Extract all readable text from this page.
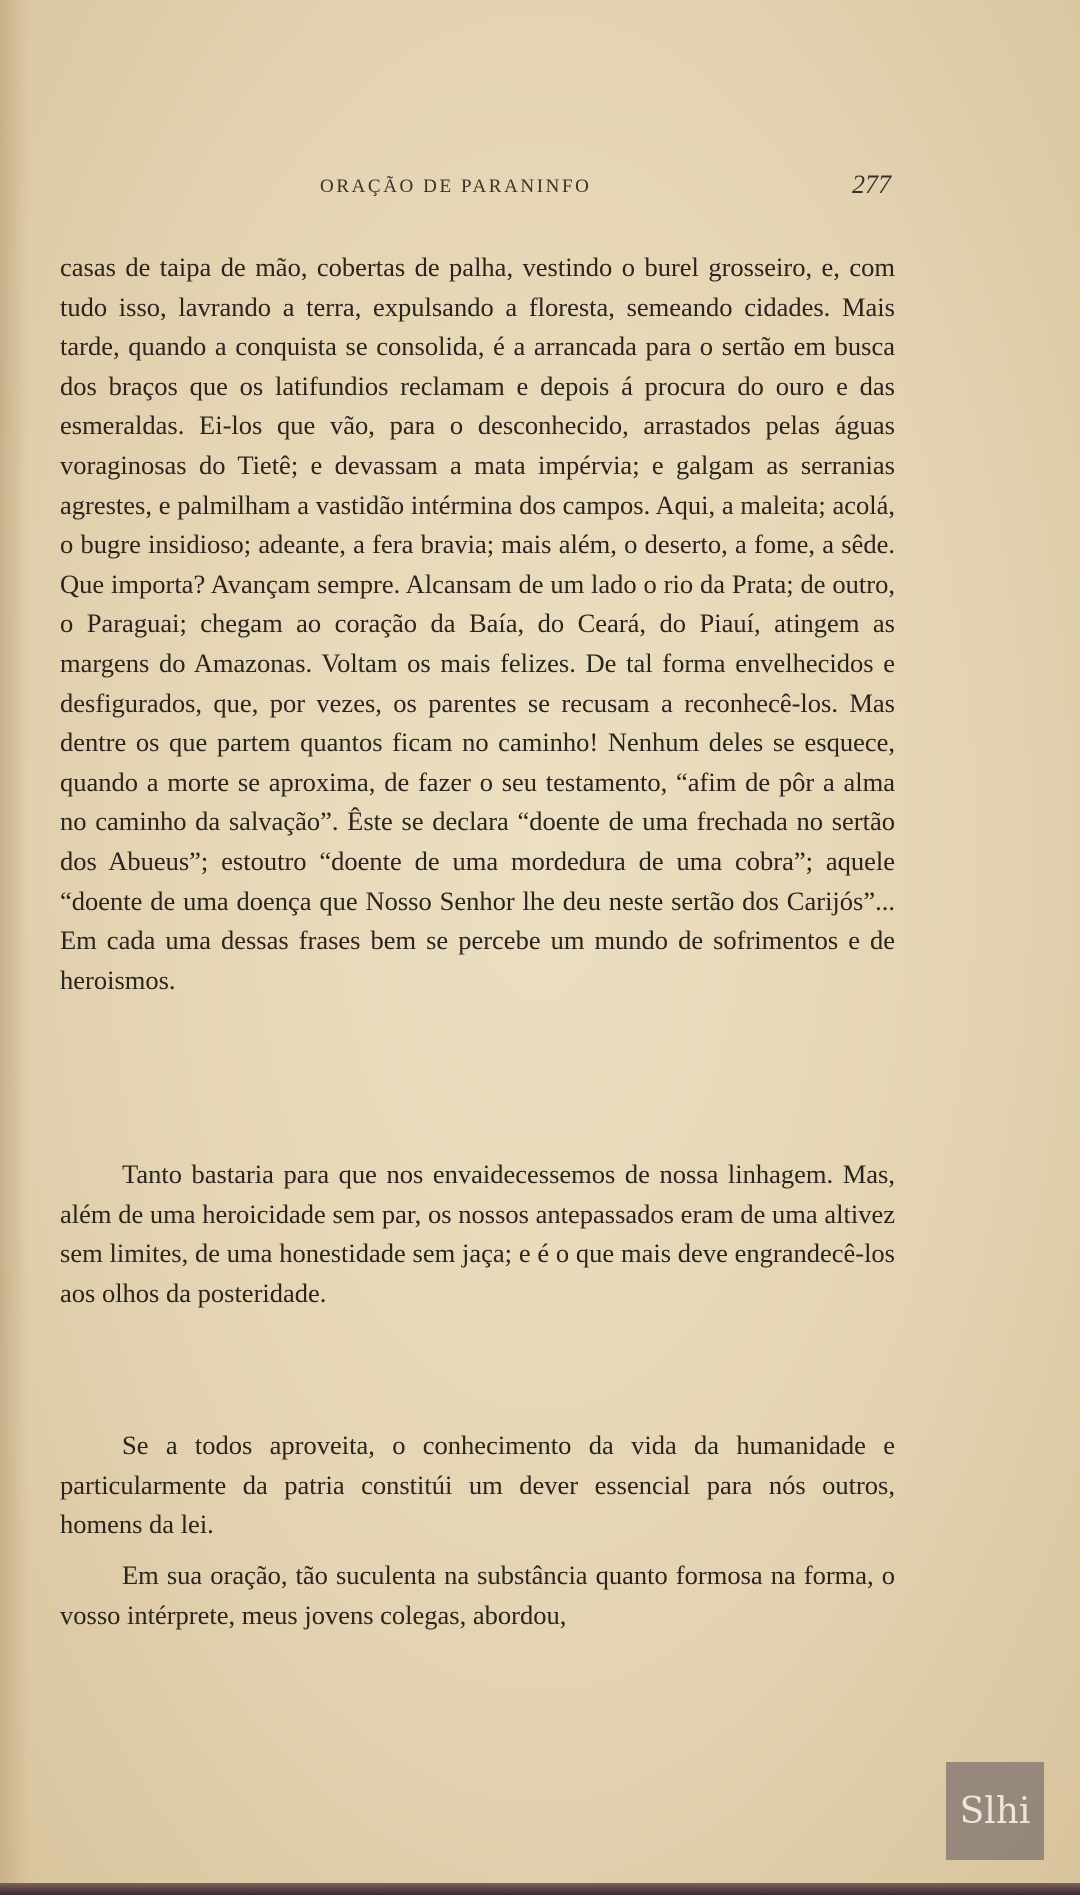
ORAÇÃO DE PARANINFO	277

casas de taipa de mão, cobertas de palha, vestindo o burel grosseiro, e, com tudo isso, lavrando a terra, expulsando a floresta, semeando cidades. Mais tarde, quando a conquista se consolida, é a arrancada para o sertão em busca dos braços que os latifundios reclamam e depois á procura do ouro e das esmeraldas. Ei-los que vão, para o desconhecido, arrastados pelas águas voraginosas do Tietê; e devassam a mata impérvia; e galgam as serranias agrestes, e palmilham a vastidão intérmina dos campos. Aqui, a maleita; acolá, o bugre insidioso; adeante, a fera bravia; mais além, o deserto, a fome, a sêde. Que importa? Avançam sempre. Alcansam de um lado o rio da Prata; de outro, o Paraguai; chegam ao coração da Baía, do Ceará, do Piauí, atingem as margens do Amazonas. Voltam os mais felizes. De tal forma envelhecidos e desfigurados, que, por vezes, os parentes se recusam a reconhecê-los. Mas dentre os que partem quantos ficam no caminho! Nenhum deles se esquece, quando a morte se aproxima, de fazer o seu testamento, “afim de pôr a alma no caminho da salvação”. Êste se declara “doente de uma frechada no sertão dos Abueus”; estoutro “doente de uma mordedura de uma cobra”; aquele “doente de uma doença que Nosso Senhor lhe deu neste sertão dos Carijós”... Em cada uma dessas frases bem se percebe um mundo de sofrimentos e de heroismos.

Tanto bastaria para que nos envaidecessemos de nossa linhagem. Mas, além de uma heroicidade sem par, os nossos antepassados eram de uma altivez sem limites, de uma honestidade sem jaça; e é o que mais deve engrandecê-los aos olhos da posteridade.

Se a todos aproveita, o conhecimento da vida da humanidade e particularmente da patria constitúi um dever essencial para nós outros, homens da lei.

Em sua oração, tão suculenta na substância quanto formosa na forma, o vosso intérprete, meus jovens colegas, abordou,

Slhi
